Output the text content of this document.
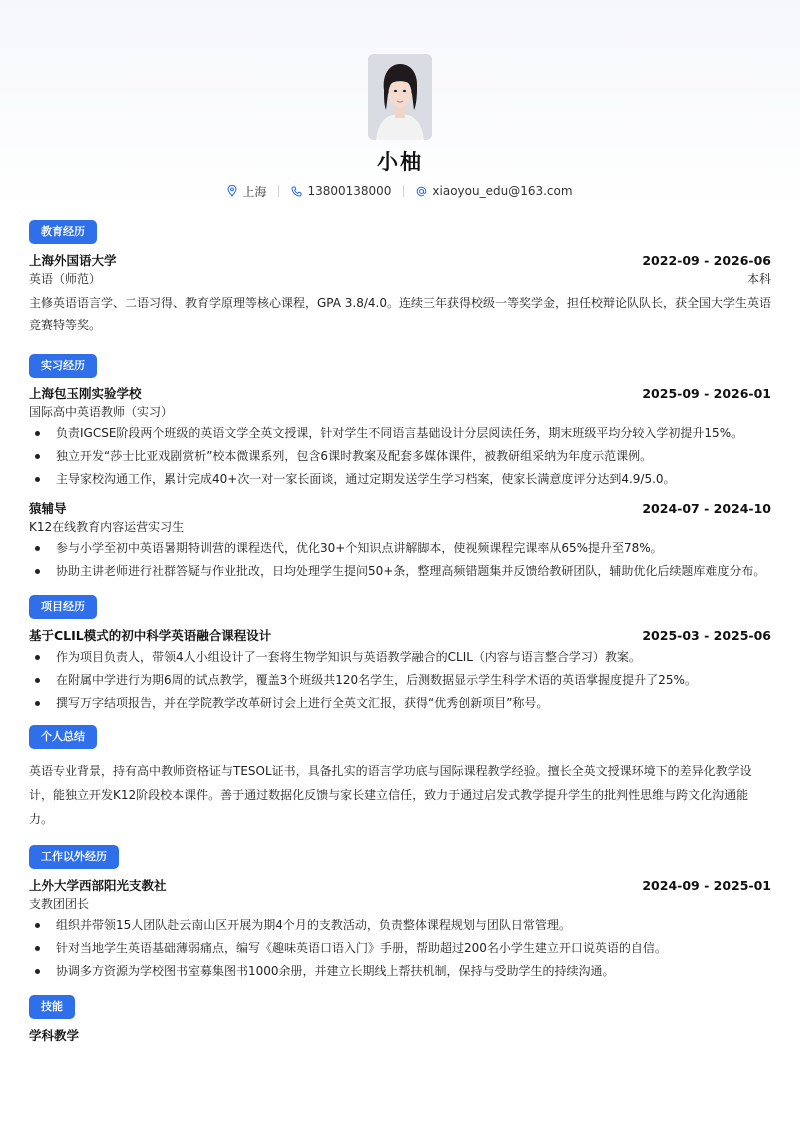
小柚
上海	13800138000	xiaoyou_edu@163.com
教育经历
上海外国语大学	2022-09 - 2026-06
英语（师范）	本科

主修英语语言学、二语习得、教育学原理等核心课程，GPA 3.8/4.0。连续三年获得校级一等奖学金，担任校辩论队队长，获全国大学生英语竞赛特等奖。

实习经历
上海包玉刚实验学校	2025-09 - 2026-01
国际高中英语教师（实习）
负责IGCSE阶段两个班级的英语文学全英文授课，针对学生不同语言基础设计分层阅读任务，期末班级平均分较入学初提升15%。
独立开发“莎士比亚戏剧赏析”校本微课系列，包含6课时教案及配套多媒体课件，被教研组采纳为年度示范课例。
主导家校沟通工作，累计完成40+次一对一家长面谈，通过定期发送学生学习档案，使家长满意度评分达到4.9/5.0。
猿辅导	2024-07 - 2024-10
K12在线教育内容运营实习生
参与小学至初中英语暑期特训营的课程迭代，优化30+个知识点讲解脚本，使视频课程完课率从65%提升至78%。
协助主讲老师进行社群答疑与作业批改，日均处理学生提问50+条，整理高频错题集并反馈给教研团队，辅助优化后续题库难度分布。
项目经历
基于CLIL模式的初中科学英语融合课程设计	2025-03 - 2025-06
作为项目负责人，带领4人小组设计了一套将生物学知识与英语教学融合的CLIL（内容与语言整合学习）教案。
在附属中学进行为期6周的试点教学，覆盖3个班级共120名学生，后测数据显示学生科学术语的英语掌握度提升了25%。
撰写万字结项报告，并在学院教学改革研讨会上进行全英文汇报，获得“优秀创新项目”称号。
个人总结

英语专业背景，持有高中教师资格证与TESOL证书，具备扎实的语言学功底与国际课程教学经验。擅长全英文授课环境下的差异化教学设计，能独立开发K12阶段校本课件。善于通过数据化反馈与家长建立信任，致力于通过启发式教学提升学生的批判性思维与跨文化沟通能力。

工作以外经历
上外大学西部阳光支教社	2024-09 - 2025-01
支教团团长
组织并带领15人团队赴云南山区开展为期4个月的支教活动，负责整体课程规划与团队日常管理。
针对当地学生英语基础薄弱痛点，编写《趣味英语口语入门》手册，帮助超过200名小学生建立开口说英语的自信。
协调多方资源为学校图书室募集图书1000余册，并建立长期线上帮扶机制，保持与受助学生的持续沟通。
技能
学科教学
